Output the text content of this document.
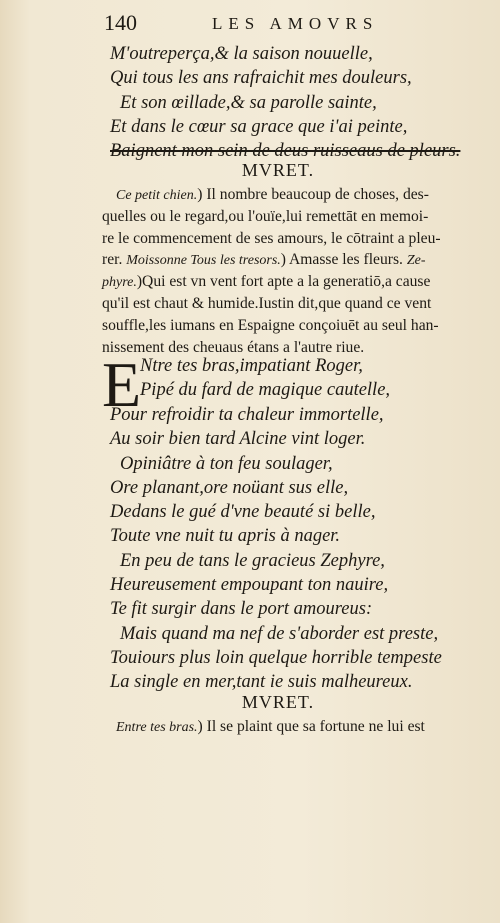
140	LES AMOVRS
M'outreperça,& la saison nouuelle,
Qui tous les ans rafraichit mes douleurs,
Et son œillade,& sa parolle sainte,
Et dans le cœur sa grace que i'ai peinte,
Baignent mon sein de deus ruisseaus de pleurs.
MVRET.
Ce petit chien.) Il nombre beaucoup de choses, des-
quelles ou le regard,ou l'ouïe,lui remettāt en memoi-
re le commencement de ses amours, le cōtraint a pleu-
rer. Moissonne Tous les tresors.) Amasse les fleurs. Ze-
phyre.)Qui est vn vent fort apte a la generatiō,a cause
qu'il est chaut & humide.Iustin dit,que quand ce vent
souffle,les iumans en Espaigne conçoiuēt au seul han-
nissement des cheuaus étans a l'autre riue.
E
Ntre tes bras,impatiant Roger,
Pipé du fard de magique cautelle,
Pour refroidir ta chaleur immortelle,
Au soir bien tard Alcine vint loger.
Opiniâtre à ton feu soulager,
Ore planant,ore noüant sus elle,
Dedans le gué d'vne beauté si belle,
Toute vne nuit tu apris à nager.
En peu de tans le gracieus Zephyre,
Heureusement empoupant ton nauire,
Te fit surgir dans le port amoureus:
Mais quand ma nef de s'aborder est preste,
Touiours plus loin quelque horrible tempeste
La single en mer,tant ie suis malheureux.
MVRET.
Entre tes bras.) Il se plaint que sa fortune ne lui est
